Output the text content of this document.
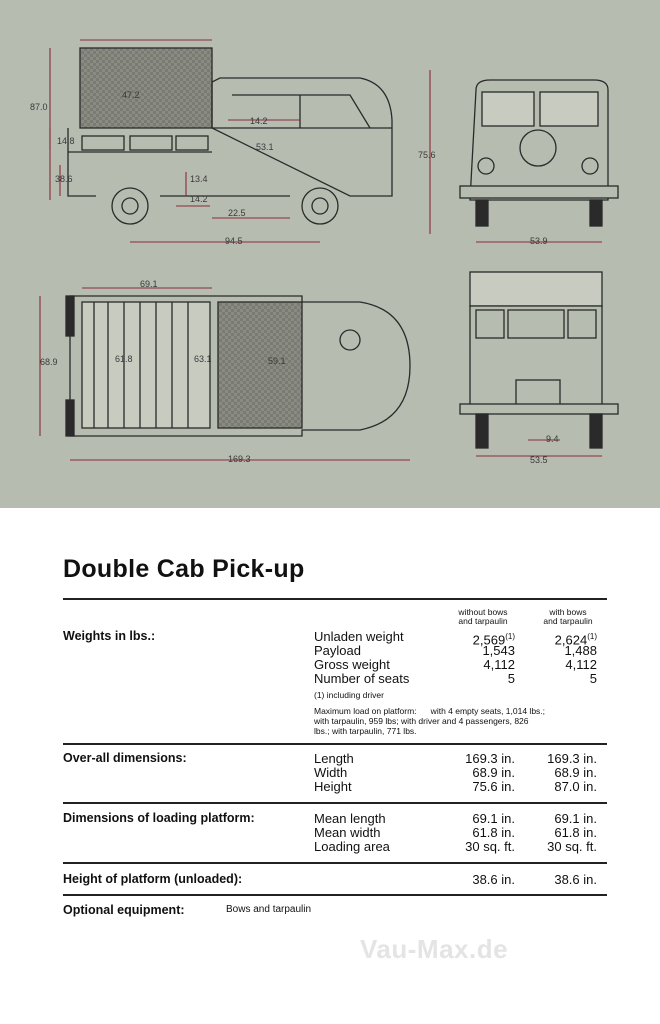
87.0
47.2
14.2
14.8
53.1
38.6	13.4
14.2
22.5
75.6
94.5	53.9
69.1
68.9	61.8	63.1	59.1
169.3
9.4
53.5
Double Cab Pick-up
without bows
and tarpaulin
with bows
and tarpaulin
Weights in lbs.:	Unladen weight	2,569$^{(1)}$	2,624$^{(1)}$
Payload	1,543	1,488
Gross weight	4,112	4,112
Number of seats	5	5
(1) including driver
Maximum load on platform:      with 4 empty seats, 1,014 lbs.;
with tarpaulin, 959 lbs; with driver and 4 passengers, 826
lbs.; with tarpaulin, 771 lbs.
Over-all dimensions:	Length	169.3 in.	169.3 in.
Width	68.9 in.	68.9 in.
Height	75.6 in.	87.0 in.
Dimensions of loading platform:	Mean length	69.1 in.	69.1 in.
Mean width	61.8 in.	61.8 in.
Loading area	30 sq. ft.	30 sq. ft.
Height of platform (unloaded):	38.6 in.	38.6 in.
Optional equipment:	Bows and tarpaulin
Vau-Max.de
